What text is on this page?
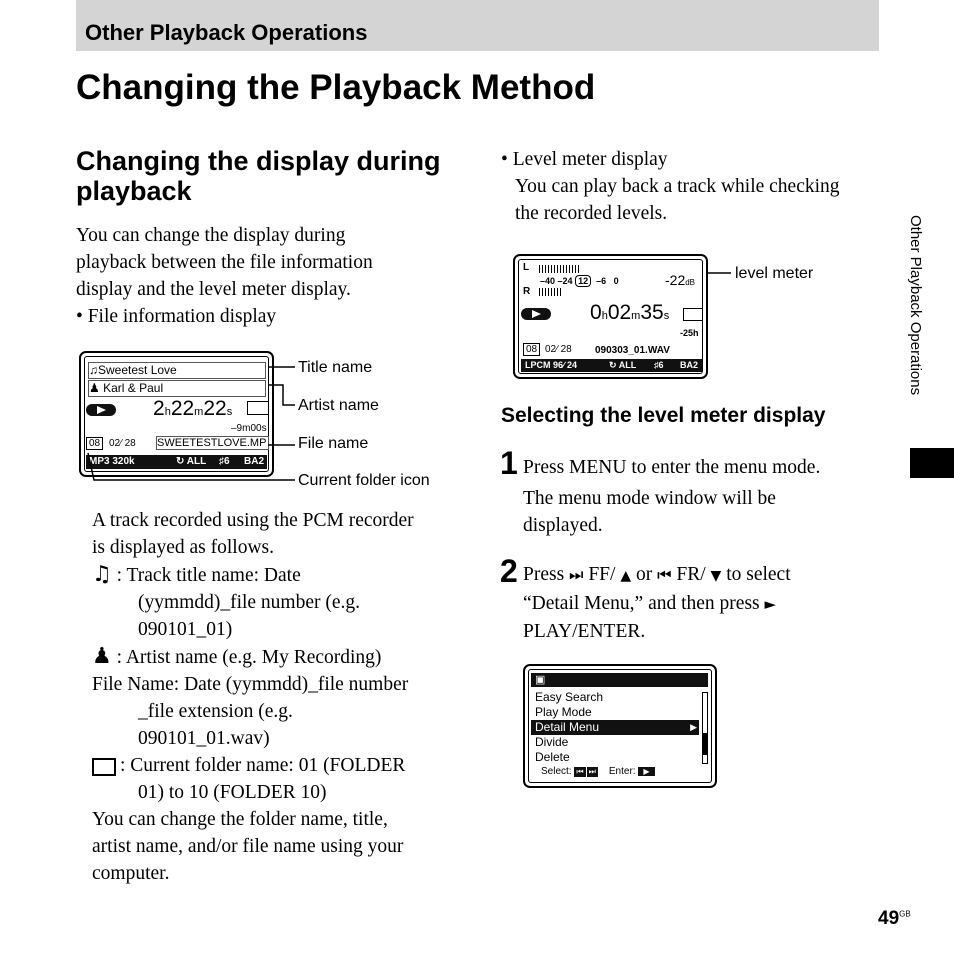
Other Playback Operations
Changing the Playback Method
Changing the display during playback
You can change the display during
playback between the file information
display and the level meter display.
• File information display
♫Sweetest Love
♟ Karl & Paul
2h22m22s
–9m00s
08 02∕ 28 SWEETESTLOVE.MP
MP3 320k	↻ ALL ♯6 BA2
Title name
Artist name
File name
Current folder icon
A track recorded using the PCM recorder
is displayed as follows.
♫ : Track title name: Date
(yymmdd)_file number (e.g.
090101_01)
♟ : Artist name (e.g. My Recording)
File Name: Date (yymmdd)_file number
_file extension (e.g.
090101_01.wav)
: Current folder name: 01 (FOLDER
01) to 10 (FOLDER 10)
You can change the folder name, title,
artist name, and/or file name using your
computer.
• Level meter display
You can play back a track while checking
the recorded levels.
L
R
–40 –24 12 –6 0	-22dB
0h02m35s
-25h
08 02∕ 28 090303_01.WAV
LPCM 96∕ 24	↻ ALL ♯6 BA2
level meter
Selecting the level meter display
1 Press MENU to enter the menu mode.
The menu mode window will be
displayed.
2 Press ⏭ FF/ ▲ or ⏮ FR/ ▼ to select
“Detail Menu,” and then press ►
PLAY/ENTER.
▣
Easy Search
Play Mode
Detail Menu	▶
Divide
Delete
Select: ⏮ ⏭ Enter: ▶
Other Playback Operations
$49^{GB}$
